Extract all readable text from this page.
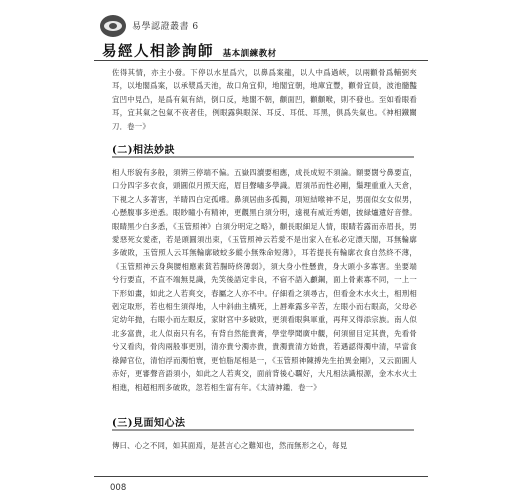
易學認證叢書 6
易經人相診詢師 基本訓練教材

佐得其情，亦主小發。下停以水星爲穴，以鼻爲案龍，以人中爲過峽，以兩顴骨爲輔弼夾耳，以地閣爲案，以承漿爲天池，故口角宜仰，地閣宜朝，地庫宜豐，顴骨宜員，波池髓豔宜凹中見凸，是爲有氣有結，倒口反，地閣不朝，顴面凹，顴顴喉，則不發也。至如看眼看耳，宜其氣之包氣不夜者佳，例眼露與眼深、耳反、耳低、耳黑，俱爲失氣也。《神相鐵關刀．卷一》

(二)相法妙訣

相人形貌有多般，須辨三停端不偏。五嶽四瀆要相應，成長成短不須論。額要闊兮鼻要直，口分四字多衣食，頭圓似月照天庭，眉目聲嘯多學識。眉須吊而性必剛，鬚理重重入天倉，下視之人多著害，羊睛四白定孤嚐。鼻須居曲多孤獨，項短結喉神不足，男面似女女似男，心懸腹事多逆悉。眼眇瞳小有精神，更觀黑白須分明，遠視有威近秀媚，披緑爐遺好音聲。眼睛黑少白多悉，《玉管照神》白須分明定之略》，顴長眼細足人情，眼睛若露而赤眉長，男愛惡死女愛產，若是頭圓須出束，《玉管照神云若愛不是出家入在私必定漂天閣，耳無輪廓多破敗，玉管照人云耳無輪廓破蛟多縱小無殊命短薄》，耳若提長有輪廓衣食自然終不薄，《玉管照神云身與腰相應素貧若腸時終薄弱》，須大身小性懸貴，身大頭小多寡害。坐要端兮行要直，不直不端無見識，先笑後語定非良，不宿不語入顱鋼，面上骨素寡不同，一上一下形如畫，如此之人若爽交，春屬之人亦不中。仔細看之須尋古，但看金木水火土，相刑相剋定取形，若也相生須得地，人中斜曲主構死，上唇牽露多辛苦，左眼小而右眼高，父母必定幼年抛，右眼小而左眼反，家財宮中多破敗，更須看眼與軍重，再拜又得添宗族。南人似北多富貴，北人似南只有名，有背自然能貴膏，學堂學聞廣中觀，何須留目定其貴，先看骨兮又看肉，骨肉兩般事更別，清亦貴兮濁亦貴，貴濁貴清方始貴，若遇認得濁中清，早當食祿歸官位，清怕浮而濁怕寰，更怕脂尾相是一，《玉管照神陳搏先生拍異金剛》，又云面圓人赤好，更審聲音語須小，如此之人若爽交，面前背後心覊好，大凡相法識根源，金木水火土相進，相超相刑多破敗，忽若相生富有年。《太清神鑑．卷一》

(三)見面知心法

傳曰、心之不同，如其面焉，是甚言心之難知也，然而無形之心，每見

008
